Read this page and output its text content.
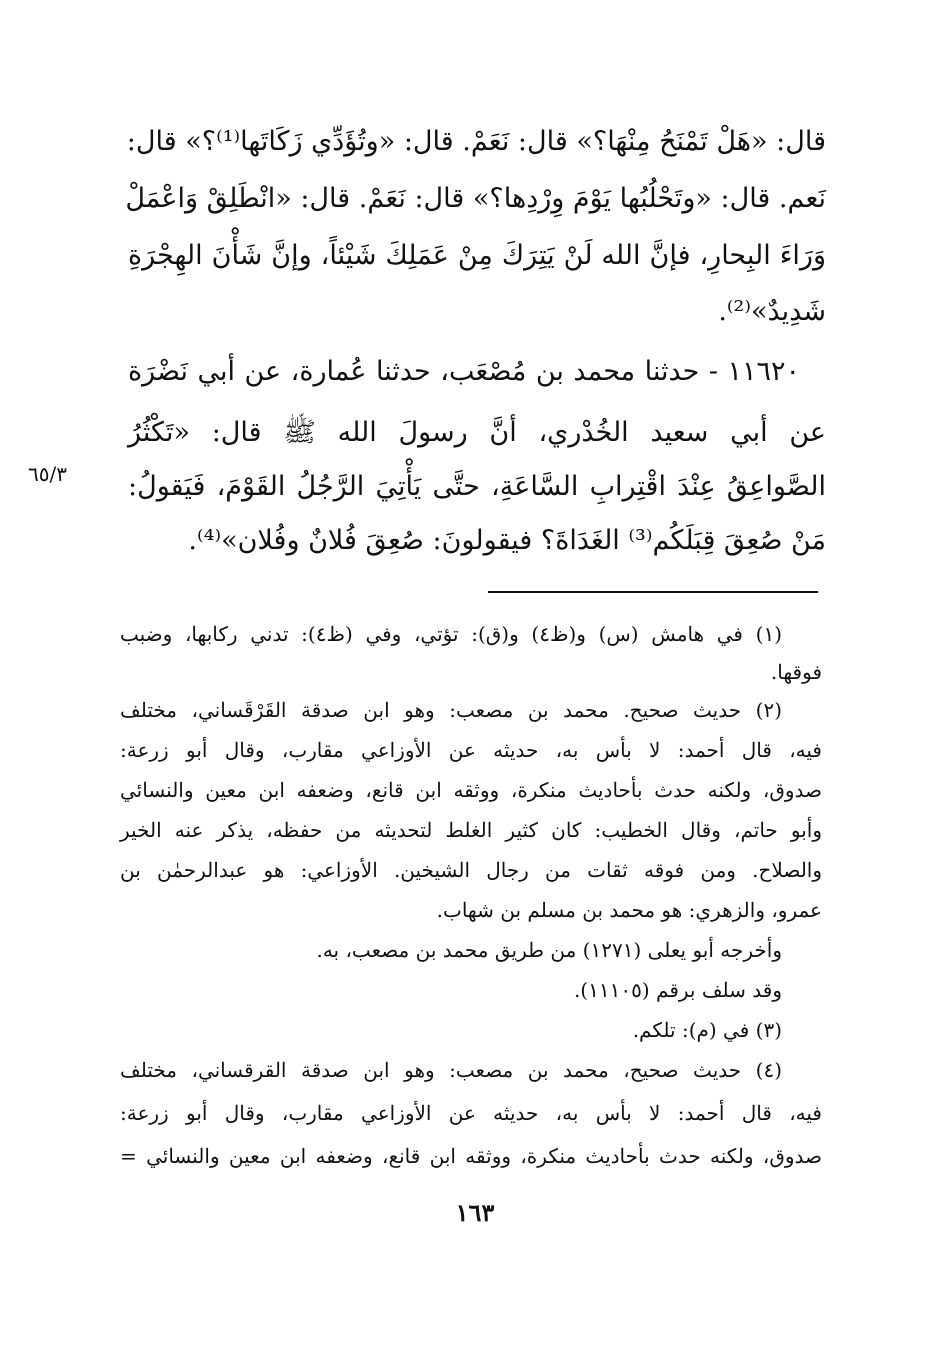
قال: «هَلْ تَمْنَحُ مِنْهَا؟» قال: نَعَمْ. قال: «وتُؤَدِّي زَكَاتَها⁽¹⁾؟» قال:
نَعم. قال: «وتَحْلُبُها يَوْمَ وِرْدِها؟» قال: نَعَمْ. قال: «انْطَلِقْ وَاعْمَلْ
وَرَاءَ البِحارِ، فإنَّ الله لَنْ يَتِرَكَ مِنْ عَمَلِكَ شَيْئاً، وإنَّ شَأْنَ الهِجْرَةِ
شَدِيدٌ»⁽²⁾.
١١٦٢٠ - حدثنا محمد بن مُصْعَب، حدثنا عُمارة، عن أبي نَضْرَة
عن أبي سعيد الخُدْري، أنَّ رسولَ الله ﷺ قال: «تَكْثُرُ
الصَّواعِقُ عِنْدَ اقْتِرابِ السَّاعَةِ، حتَّى يَأْتِيَ الرَّجُلُ القَوْمَ، فَيَقولُ:
مَنْ صُعِقَ قِبَلَكُم⁽³⁾ الغَدَاةَ؟ فيقولونَ: صُعِقَ فُلانٌ وفُلان»⁽⁴⁾.
٦٥/٣
(١) في هامش (س) و(ظ٤) و(ق): تؤتي، وفي (ظ٤): تدني ركابها، وضبب
فوقها.
(٢) حديث صحيح. محمد بن مصعب: وهو ابن صدقة القَرْقَساني، مختلف
فيه، قال أحمد: لا بأس به، حديثه عن الأوزاعي مقارب، وقال أبو زرعة:
صدوق، ولكنه حدث بأحاديث منكرة، ووثقه ابن قانع، وضعفه ابن معين والنسائي
وأبو حاتم، وقال الخطيب: كان كثير الغلط لتحديثه من حفظه، يذكر عنه الخير
والصلاح. ومن فوقه ثقات من رجال الشيخين. الأوزاعي: هو عبدالرحمٰن بن
عمرو، والزهري: هو محمد بن مسلم بن شهاب.
وأخرجه أبو يعلى (١٢٧١) من طريق محمد بن مصعب، به.
وقد سلف برقم (١١١٠٥).
(٣) في (م): تلكم.
(٤) حديث صحيح، محمد بن مصعب: وهو ابن صدقة القرقساني، مختلف
فيه، قال أحمد: لا بأس به، حديثه عن الأوزاعي مقارب، وقال أبو زرعة:
صدوق، ولكنه حدث بأحاديث منكرة، ووثقه ابن قانع، وضعفه ابن معين والنسائي =
١٦٣
